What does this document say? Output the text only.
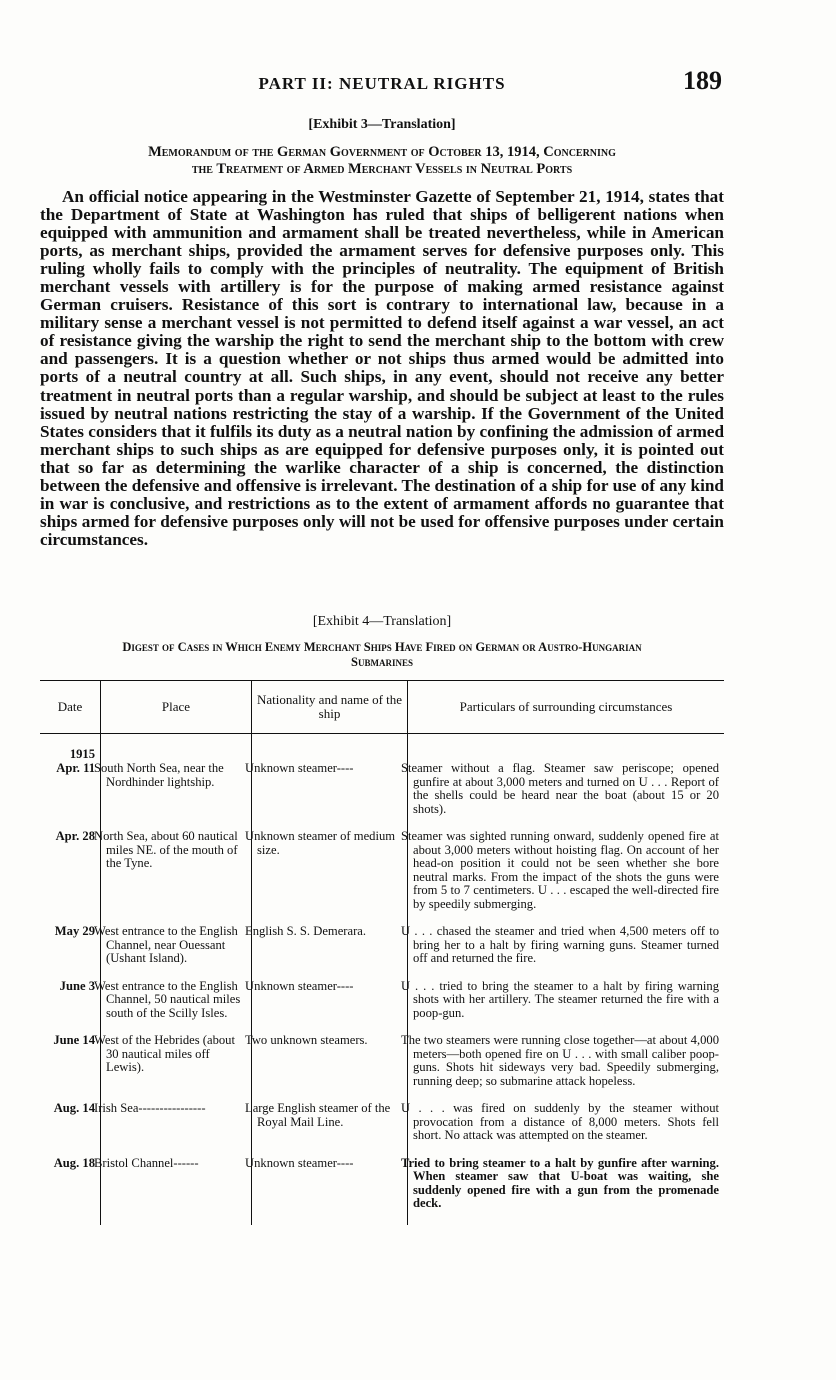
PART II: NEUTRAL RIGHTS	189
[Exhibit 3—Translation]
Memorandum of the German Government of October 13, 1914, Concerning
the Treatment of Armed Merchant Vessels in Neutral Ports
An official notice appearing in the Westminster Gazette of September 21, 1914, states that the Department of State at Washington has ruled that ships of belligerent nations when equipped with ammunition and armament shall be treated nevertheless, while in American ports, as merchant ships, provided the armament serves for defensive purposes only. This ruling wholly fails to comply with the principles of neutrality. The equipment of British merchant vessels with artillery is for the purpose of making armed resistance against German cruisers. Resistance of this sort is contrary to international law, because in a military sense a merchant vessel is not permitted to defend itself against a war vessel, an act of resistance giving the warship the right to send the merchant ship to the bottom with crew and passengers. It is a question whether or not ships thus armed would be admitted into ports of a neutral country at all. Such ships, in any event, should not receive any better treatment in neutral ports than a regular warship, and should be subject at least to the rules issued by neutral nations restricting the stay of a warship. If the Government of the United States considers that it fulfils its duty as a neutral nation by confining the admission of armed merchant ships to such ships as are equipped for defensive purposes only, it is pointed out that so far as determining the warlike character of a ship is concerned, the distinction between the defensive and offensive is irrelevant. The destination of a ship for use of any kind in war is conclusive, and restrictions as to the extent of armament affords no guarantee that ships armed for defensive purposes only will not be used for offensive purposes under certain circumstances.
[Exhibit 4—Translation]
Digest of Cases in Which Enemy Merchant Ships Have Fired on German or Austro-Hungarian
Submarines
Date	Place	Nationality and name of the ship	Particulars of surrounding circumstances

1915
Apr. 11	South North Sea, near the Nordhinder lightship.	Unknown steamer----	Steamer without a flag. Steamer saw periscope; opened gunfire at about 3,000 meters and turned on U . . . Report of the shells could be heard near the boat (about 15 or 20 shots).
Apr. 28	North Sea, about 60 nautical miles NE. of the mouth of the Tyne.	Unknown steamer of medium size.	Steamer was sighted running onward, suddenly opened fire at about 3,000 meters without hoisting flag. On account of her head-on position it could not be seen whether she bore neutral marks. From the impact of the shots the guns were from 5 to 7 centimeters. U . . . escaped the well-directed fire by speedily submerging.
May 29	West entrance to the English Channel, near Ouessant (Ushant Island).	English S. S. Demerara.	U . . . chased the steamer and tried when 4,500 meters off to bring her to a halt by firing warning guns. Steamer turned off and returned the fire.
June 3	West entrance to the English Channel, 50 nautical miles south of the Scilly Isles.	Unknown steamer----	U . . . tried to bring the steamer to a halt by firing warning shots with her artillery. The steamer returned the fire with a poop-gun.
June 14	West of the Hebrides (about 30 nautical miles off Lewis).	Two unknown steamers.	The two steamers were running close together—at about 4,000 meters—both opened fire on U . . . with small caliber poop-guns. Shots hit sideways very bad. Speedily submerging, running deep; so submarine attack hopeless.
Aug. 14	Irish Sea----------------	Large English steamer of the Royal Mail Line.	U . . . was fired on suddenly by the steamer without provocation from a distance of 8,000 meters. Shots fell short. No attack was attempted on the steamer.
Aug. 18	Bristol Channel------	Unknown steamer----	Tried to bring steamer to a halt by gunfire after warning. When steamer saw that U-boat was waiting, she suddenly opened fire with a gun from the promenade deck.
